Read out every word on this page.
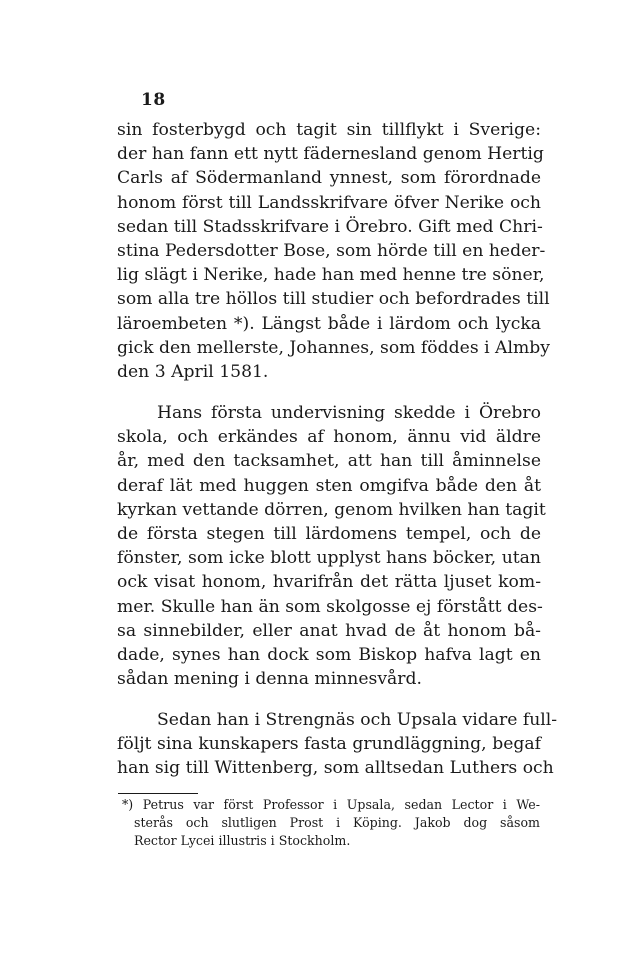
18
sin fosterbygd och tagit sin tillflykt i Sverige:
der han fann ett nytt fädernesland genom Hertig
Carls af Södermanland ynnest, som förordnade
honom först till Landsskrifvare öfver Nerike och
sedan till Stadsskrifvare i Örebro. Gift med Chri-
stina Pedersdotter Bose, som hörde till en heder-
lig slägt i Nerike, hade han med henne tre söner,
som alla tre höllos till studier och befordrades till
läroembeten *). Längst både i lärdom och lycka
gick den mellerste, Johannes, som föddes i Almby
den 3 April 1581.
Hans första undervisning skedde i Örebro
skola, och erkändes af honom, ännu vid äldre
år, med den tacksamhet, att han till åminnelse
deraf lät med huggen sten omgifva både den åt
kyrkan vettande dörren, genom hvilken han tagit
de första stegen till lärdomens tempel, och de
fönster, som icke blott upplyst hans böcker, utan
ock visat honom, hvarifrån det rätta ljuset kom-
mer. Skulle han än som skolgosse ej förstått des-
sa sinnebilder, eller anat hvad de åt honom bå-
dade, synes han dock som Biskop hafva lagt en
sådan mening i denna minnesvård.
Sedan han i Strengnäs och Upsala vidare full-
följt sina kunskapers fasta grundläggning, begaf
han sig till Wittenberg, som alltsedan Luthers och
*) Petrus var först Professor i Upsala, sedan Lector i We-
sterås och slutligen Prost i Köping. Jakob dog såsom
Rector Lycei illustris i Stockholm.
